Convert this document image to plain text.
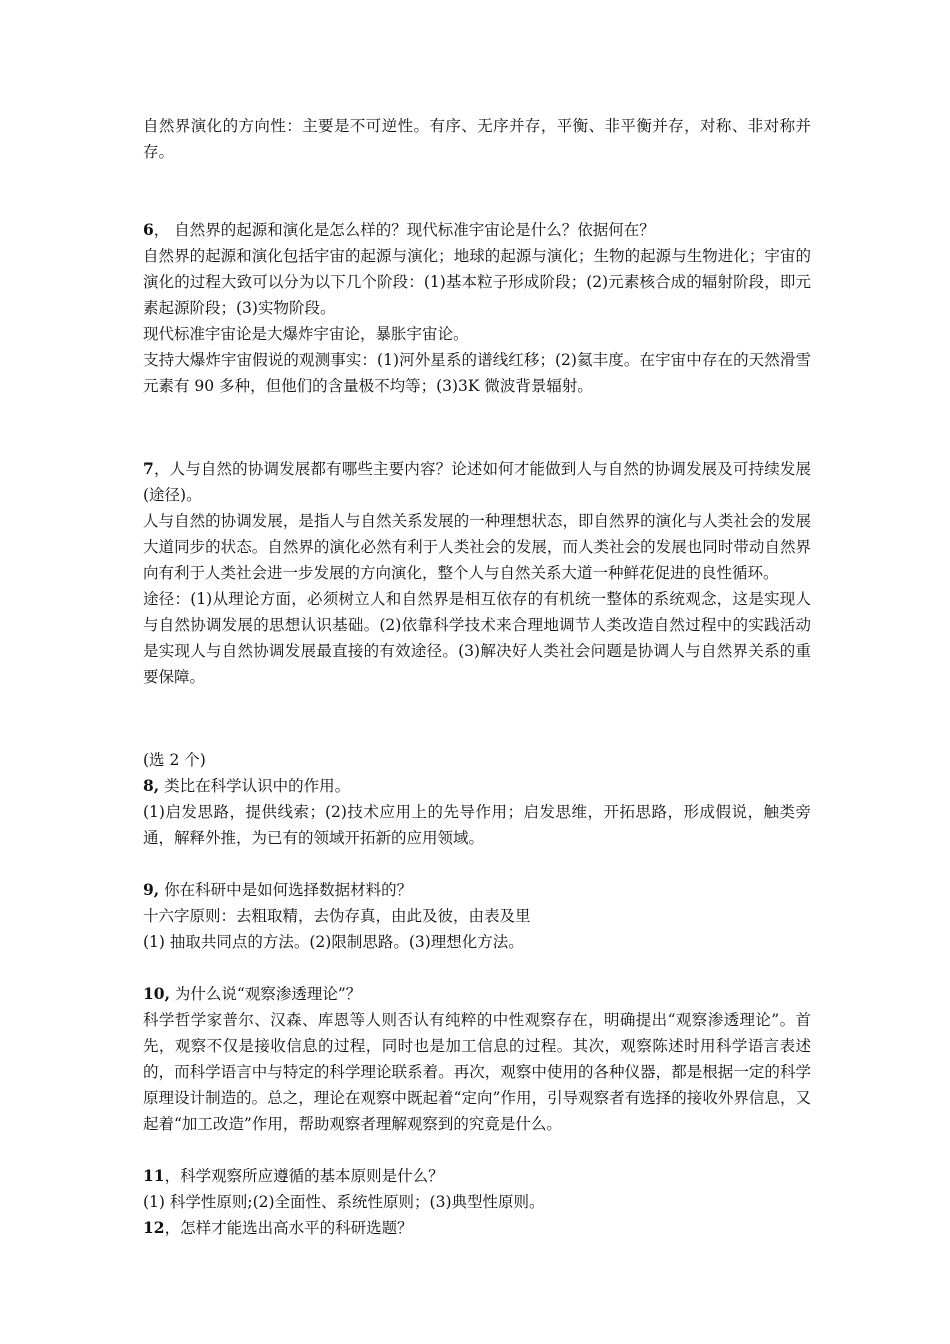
自然界演化的方向性：主要是不可逆性。有序、无序并存，平衡、非平衡并存，对称、非对称并存。

6， 自然界的起源和演化是怎么样的？现代标准宇宙论是什么？依据何在？

自然界的起源和演化包括宇宙的起源与演化；地球的起源与演化；生物的起源与生物进化；宇宙的演化的过程大致可以分为以下几个阶段：(1)基本粒子形成阶段；(2)元素核合成的辐射阶段，即元素起源阶段；(3)实物阶段。

现代标准宇宙论是大爆炸宇宙论，暴胀宇宙论。

支持大爆炸宇宙假说的观测事实：(1)河外星系的谱线红移；(2)氦丰度。在宇宙中存在的天然滑雪元素有 90 多种，但他们的含量极不均等；(3)3K 微波背景辐射。

7，人与自然的协调发展都有哪些主要内容？论述如何才能做到人与自然的协调发展及可持续发展(途径)。

人与自然的协调发展，是指人与自然关系发展的一种理想状态，即自然界的演化与人类社会的发展大道同步的状态。自然界的演化必然有利于人类社会的发展，而人类社会的发展也同时带动自然界向有利于人类社会进一步发展的方向演化，整个人与自然关系大道一种鲜花促进的良性循环。

途径：(1)从理论方面，必须树立人和自然界是相互依存的有机统一整体的系统观念，这是实现人与自然协调发展的思想认识基础。(2)依靠科学技术来合理地调节人类改造自然过程中的实践活动是实现人与自然协调发展最直接的有效途径。(3)解决好人类社会问题是协调人与自然界关系的重要保障。

(选 2 个)

8, 类比在科学认识中的作用。

(1)启发思路，提供线索；(2)技术应用上的先导作用；启发思维，开拓思路，形成假说，触类旁通，解释外推，为已有的领域开拓新的应用领域。

9, 你在科研中是如何选择数据材料的？

十六字原则：去粗取精，去伪存真，由此及彼，由表及里

(1) 抽取共同点的方法。(2)限制思路。(3)理想化方法。

10, 为什么说“观察渗透理论”？

科学哲学家普尔、汉森、库恩等人则否认有纯粹的中性观察存在，明确提出“观察渗透理论”。首先，观察不仅是接收信息的过程，同时也是加工信息的过程。其次，观察陈述时用科学语言表述的，而科学语言中与特定的科学理论联系着。再次，观察中使用的各种仪器，都是根据一定的科学原理设计制造的。总之，理论在观察中既起着“定向”作用，引导观察者有选择的接收外界信息，又起着“加工改造”作用，帮助观察者理解观察到的究竟是什么。

11，科学观察所应遵循的基本原则是什么？

(1) 科学性原则;(2)全面性、系统性原则；(3)典型性原则。

12，怎样才能选出高水平的科研选题？
